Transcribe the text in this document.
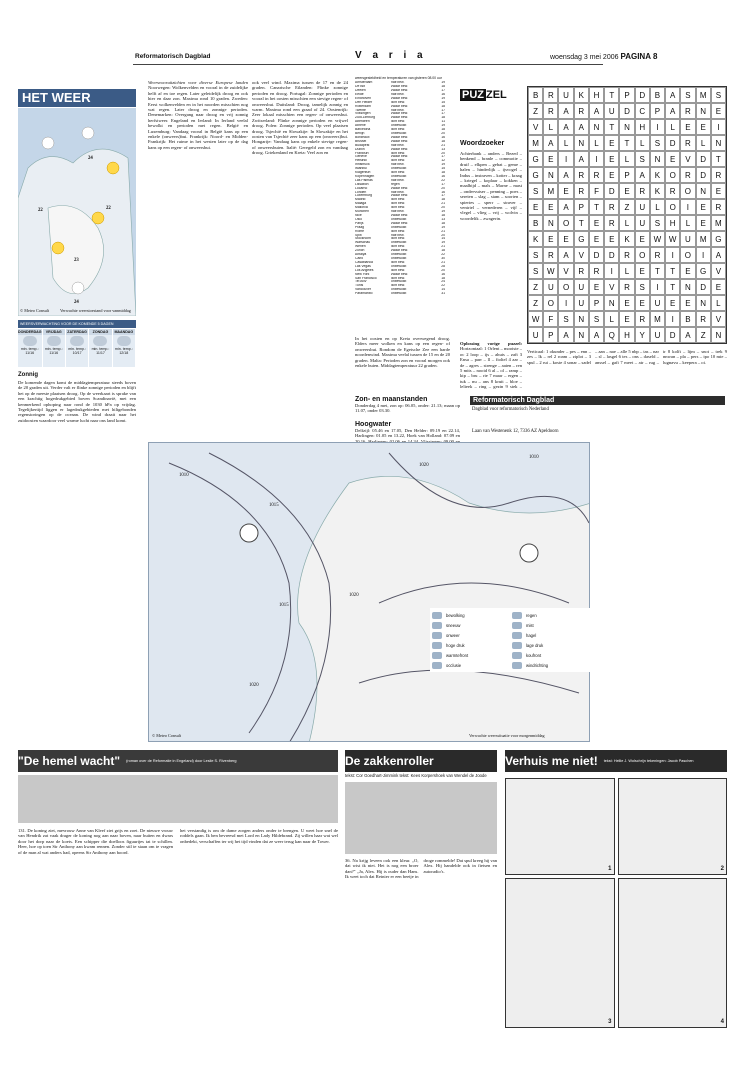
Reformatorisch Dagblad	V a r i a	woensdag 3 mei 2006 PAGINA 8
HET WEER
24
22	22
23
24
© Meteo Consult	Verwachte weerstoestand voor vanmiddag
WEERSVERWACHTING VOOR DE KOMENDE 5 DAGEN
DONDERDAG
min. temp.: 11/16
VRIJDAG
min. temp.: 11/16
ZATERDAG
min. temp.: 10/17
ZONDAG
min. temp.: 11/17
MAANDAG
min. temp.: 12/18
Zonnig
De komende dagen komt de middagtemperatuur steeds boven de 20 graden uit. Verder valt er flinke zonnige perioden en blijft het op de meeste plaatsen droog. Op de weerkaart is sprake van een krachtig hogedrukgebied boven Scandinavië, met een kenmerkend ophoping naar rond de 1030 hPa op vrijdag. Tegelijkertijd liggen er lagedrukgebieden met hiltgebonden regenstoringen op de oceaan. De wind draait naar het zuidoosten waardoor veel warme lucht naar ons land komt.
Weersvooruitzichten voor diverse Europese landen Noorwegen: Wolkenvelden en vooral in de zuidelijke helft af en toe regen. Later geleidelijk droog en ook hier en daar zon. Maxima rond 10 graden. Zweden: Eerst wolkenvelden en in het noorden misschien nog wat regen. Later droog en zonnige perioden. Denemarken: Overgang naar droog en vrij zonnig herfstweer. Engeland en Ierland: In Ierland veelal bewolkt en perioden met regen. België en Luxemburg: Vandaag vooral in België kans op een enkele (onweers)bui. Frankrijk: Noord- en Midden-Frankrijk: Het ruime in het westen later op de dag kans op een regen- of onweersbui.
ook veel wind. Maxima tussen de 17 en de 24 graden. Canarische Eilanden: Flinke zonnige perioden en droog. Portugal: Zonnige perioden en vooral in het oosten misschien een stevige regen- of onweersbui. Duitsland: Droog, tamelijk zonnig en warm. Maxima rond een graad of 24. Oostenrijk: Zeer lokaal misschien een regen- of onweersbui. Zwitserland: Flinke zonnige perioden en vrijwel droog. Polen: Zonnige perioden. Op veel plaatsen droog. Tsjechië en Slowakije: In Slowakije en het oosten van Tsjechië zeer kans op een (onweers)bui. Hongarije: Vandaag kans op enkele stevige regen- of onweersbuien. Italië: Geregeld zon en vandaag droog. Griekenland en Kreta: Veel zon en
weersgesteldheid en temperaturen van gisteren 08.00 uur
Amsterdam	half bew.	19
De Bilt	zwaar bew.	18
Deelen	zwaar bew.	17
Eelde	half bew.	16
Eindhoven	zwaar bew.	19
Den Helder	licht bew.	15
Rotterdam	zwaar bew.	18
Twente	half bew.	17
Vlissingen	zwaar bew.	17
Zuid-Limburg	zwaar bew.	18
Aberdeen	licht bew.	11
Athene	onbewolkt	19
Barcelona	licht bew.	18
Berlijn	onbewolkt	20
Bordeaux	zwaar bew.	16
Brussel	zwaar bew.	18
Budapest	half bew.	21
Dublin	zwaar bew.	13
Frankfurt	licht bew.	20
Genève	zwaar bew.	17
Helsinki	licht bew.	12
Innsbruck	half bew.	19
Istanbul	onbewolkt	15
Klagenfurt	licht bew.	18
Kopenhagen	onbewolkt	16
Las Palmas	half bew.	22
Lissabon	regen	17
Locarno	zwaar bew.	20
Londen	half bew.	16
Luxemburg	zwaar bew.	17
Madrid	licht bew.	18
Malaga	licht bew.	21
Mallorca	licht bew.	20
München	half bew.	19
Nice	zwaar bew.	18
Oslo	onbewolkt	13
Parijs	zwaar bew.	18
Praag	onbewolkt	19
Rome	licht bew.	21
Split	half bew.	20
Stockholm	licht bew.	14
Warschau	onbewolkt	19
Wenen	licht bew.	21
Zürich	zwaar bew.	18
Antalya	onbewolkt	22
Cairo	onbewolkt	30
Casablanca	licht bew.	21
Las Vegas	onbewolkt	28
Los Angeles	licht bew.	20
New York	zwaar bew.	16
San Francisco	licht bew.	18
Tel Aviv	onbewolkt	24
Tunis	licht bew.	22
Vancouver	onbewolkt	14
Paramaribo	onbewolkt	31
In het oosten en op Kreta overwegend droog. Elders meer wolken en kans op een regen- of onweersbui. Rondom de Egeische Zee een harde noordenwind. Maxima veelal tussen de 15 en de 20 graden. Malta: Perioden zon en vooral morgen ook enkele buien. Middagtemperatuur 22 graden.
PUZ ZEL
Woordzoeker
Achterbank – anders – Bezed – benkend – branle – commotie – druif – elkpen – gebat – geme – halen – hinderlijk – ijsvogel – Indus – instraven – kotter – kraag – kriegel – koplaar – kokken – maalbijd – mals – Marne – mast – ondervuiser – penning – poes – sereien – slag – stam – soorten – spiertes – sperr – straver – ventriel – vernederen – vijf – vlegel – vlieg – vrij – wolvin – woordelik – zwagerin.
B	R	U	K	H	T	P	D	B	A	S	M	S
Z	R	A	R	A	U	D	C	P	A	R	N	E
V	L	A	A	N	T	N	H	I	L	E	E	I
M	A	L	N	L	E	T	L	S	D	R	L	N
G	E	I	A	I	E	L	S	N	E	V	D	T
G	N	A	R	R	E	P	A	K	O	R	D	R
S	M	E	R	F	D	E	R	K	R	O	N	E
E	E	A	P	T	R	Z	U	L	O	I	E	R
B	N	O	T	E	R	L	U	S	H	L	E	M
K	E	E	G	E	E	K	E	W W	U	M	G
S	R	A	V	D	D	R	O	R	I	O	I	A
S	W	V	R	R	I	L	E	T	T	E	G	V
Z	U	O	U	E	V	R	S	I	T	N	D	E
Z	O	I	U	P	N	E	E	U	E	E	N	L
W	F	S	N	S	L	E	R	M	I	B	R	V
U	P	A	N	A	Q	H	Y	U	D	A	Z	N
Oplossing vorige puzzel: Horizontaal: 1 Orlent – mooiste – oc 2 loop – ijs – ahuis – zaft 3 Ensa – parr – ll – fioltel 4 aar – de – agres – strenge – aaien – ren 5 mits – nooid 6 al – ol – ramp – kip – bru – rie 7 maar – ergen – tuk – nu – ans 8 kruit – bloe – lelieek – ring – gezin 9 stek –
Verticaal: 1 okunder – pes – enn – zes – lk – rel 2 roam – ziplot – 3 spul – 2 rui – koste 4 sonar – sadel – aan – nae – alle 5 nbp – tas – nar – sl – lasgel 6 tes – ons – daseld – anssel – gafi 7 meet – atr – rug – ir 8 kolft – lijm – snot – trek 9 nnwan – pla – pers – ipo 10 mie – lugnavu – keepera – oi.
Zon- en maanstanden
Donderdag 4 mei, zon op: 06.05, onder: 21.13; maan op 11.07, onder 03.30.
Hoogwater
Delfzijl: 05.46 en 17.05, Den Helder: 09.19 en 22.14, Harlingen: 01.05 en 13.22, Hoek van Holland: 07.09 en
Reformatorisch Dagblad
Dagblad voor reformatorisch Nederland
Laan van Westenenk 12, 7336 AZ Apeldoorn
1010
1015
1020
1015
1020
1020
1010
© Meteo Consult	Verwachte weerssituatie voor morgenmiddag
bewolking	regen
sneeuw	mist
onweer	hagel
hoge druk	lage druk
warmtefront	koufront
occlusie	windrichting
"De hemel wacht" (roman over de Reformatie in Engeland) door Leslie S. Rivenberg	De zakkenroller	Verhuis me niet! tekst: Hellie J. Wolschrijn tekeningen: Jacob Paschen
131. De koning ziet, mevrouw Anne van Kleef ziet grijs en zoet. De nieuwe vrouw van Hendrik zat vaak drager de koning nog aan naar boven, naar buiten en dwars door het dorp naar de koets. Een schipper die doelloos figuurtjes tat te schillen. Heer, hoe op toen Sir Anthony aan kwam rennen. Zonder stil te staan om te vragen of de man al wat anders had, opeens Sir Anthony aan boord.
het verstandig is om de dame zorgen anders onder te brengen. U weet hoe snel de roddels gaan. Ik ben bevreesd met Lord en Lady Hildebrand. Zij willen haar wat wel onbedekt, verschaffen ter wij het tijd vinden dat ze weer terug kan naar de Tower.
tekst: Cor Goedhart-Jimmink tekst: Kees Korpershoek van Wendel de Joode
36. Na krijg leveen ook een kleur. „O, dat wist ik niet. Het is nog een broer dan?" „Ja, Alex. Hij is ouder dan Hans. Ik weet toch dat Reinier er een beetje in droge rommelde! Dat spul kreeg hij van Alex. Hij handelde ook in fietsen en autoradio's.	1	2
3	4
